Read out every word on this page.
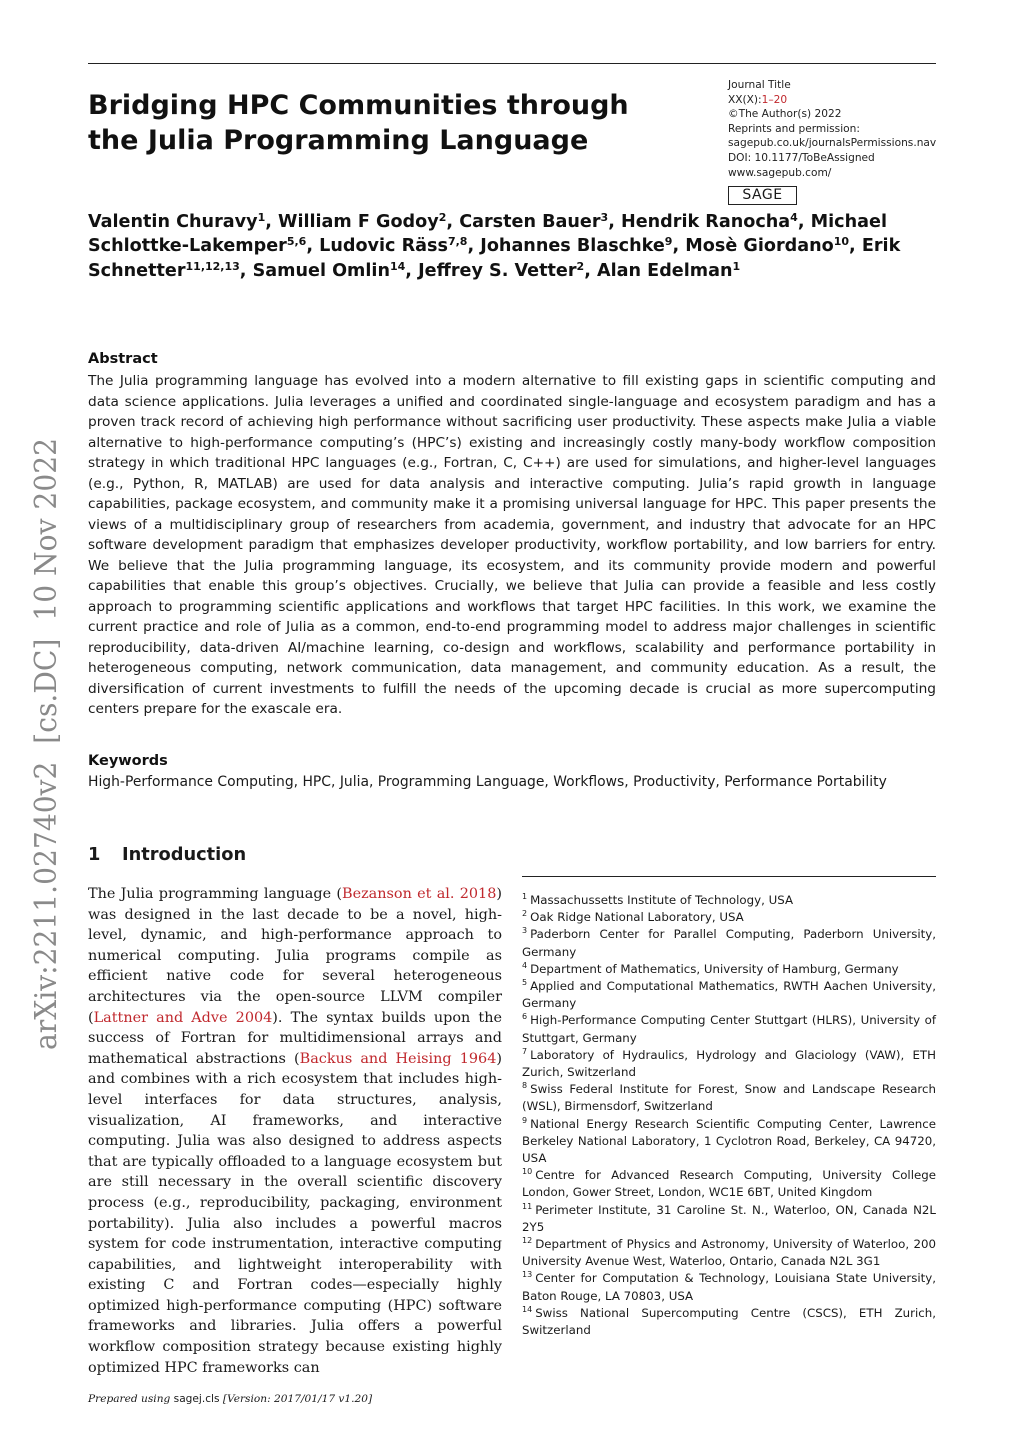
Bridging HPC Communities through
the Julia Programming Language
Journal Title
XX(X):1–20
©The Author(s) 2022
Reprints and permission:
sagepub.co.uk/journalsPermissions.nav
DOI: 10.1177/ToBeAssigned
www.sagepub.com/
SAGE
Valentin Churavy$^1$, William F Godoy$^2$, Carsten Bauer$^3$, Hendrik Ranocha$^4$, Michael Schlottke-Lakemper$^{5,6}$, Ludovic Räss$^{7,8}$, Johannes Blaschke$^9$, Mosè Giordano$^{10}$, Erik Schnetter$^{11,12,13}$, Samuel Omlin$^{14}$, Jeffrey S. Vetter$^2$, Alan Edelman$^1$
Abstract

The Julia programming language has evolved into a modern alternative to fill existing gaps in scientific computing and data science applications. Julia leverages a unified and coordinated single-language and ecosystem paradigm and has a proven track record of achieving high performance without sacrificing user productivity. These aspects make Julia a viable alternative to high-performance computing’s (HPC’s) existing and increasingly costly many-body workflow composition strategy in which traditional HPC languages (e.g., Fortran, C, C++) are used for simulations, and higher-level languages (e.g., Python, R, MATLAB) are used for data analysis and interactive computing. Julia’s rapid growth in language capabilities, package ecosystem, and community make it a promising universal language for HPC. This paper presents the views of a multidisciplinary group of researchers from academia, government, and industry that advocate for an HPC software development paradigm that emphasizes developer productivity, workflow portability, and low barriers for entry. We believe that the Julia programming language, its ecosystem, and its community provide modern and powerful capabilities that enable this group’s objectives. Crucially, we believe that Julia can provide a feasible and less costly approach to programming scientific applications and workflows that target HPC facilities. In this work, we examine the current practice and role of Julia as a common, end-to-end programming model to address major challenges in scientific reproducibility, data-driven AI/machine learning, co-design and workflows, scalability and performance portability in heterogeneous computing, network communication, data management, and community education. As a result, the diversification of current investments to fulfill the needs of the upcoming decade is crucial as more supercomputing centers prepare for the exascale era.

Keywords
High-Performance Computing, HPC, Julia, Programming Language, Workflows, Productivity, Performance Portability
1 Introduction

The Julia programming language (Bezanson et al. 2018) was designed in the last decade to be a novel, high-level, dynamic, and high-performance approach to numerical computing. Julia programs compile as efficient native code for several heterogeneous architectures via the open-source LLVM compiler (Lattner and Adve 2004). The syntax builds upon the success of Fortran for multidimensional arrays and mathematical abstractions (Backus and Heising 1964) and combines with a rich ecosystem that includes high-level interfaces for data structures, analysis, visualization, AI frameworks, and interactive computing. Julia was also designed to address aspects that are typically offloaded to a language ecosystem but are still necessary in the overall scientific discovery process (e.g., reproducibility, packaging, environment portability). Julia also includes a powerful macros system for code instrumentation, interactive computing capabilities, and lightweight interoperability with existing C and Fortran codes—especially highly optimized high-performance computing (HPC) software frameworks and libraries. Julia offers a powerful workflow composition strategy because existing highly optimized HPC frameworks can

$^1$ Massachussetts Institute of Technology, USA
$^2$ Oak Ridge National Laboratory, USA
$^3$ Paderborn Center for Parallel Computing, Paderborn University, Germany
$^4$ Department of Mathematics, University of Hamburg, Germany
$^5$ Applied and Computational Mathematics, RWTH Aachen University, Germany
$^6$ High-Performance Computing Center Stuttgart (HLRS), University of Stuttgart, Germany
$^7$ Laboratory of Hydraulics, Hydrology and Glaciology (VAW), ETH Zurich, Switzerland
$^8$ Swiss Federal Institute for Forest, Snow and Landscape Research (WSL), Birmensdorf, Switzerland
$^9$ National Energy Research Scientific Computing Center, Lawrence Berkeley National Laboratory, 1 Cyclotron Road, Berkeley, CA 94720, USA
$^{10}$ Centre for Advanced Research Computing, University College London, Gower Street, London, WC1E 6BT, United Kingdom
$^{11}$ Perimeter Institute, 31 Caroline St. N., Waterloo, ON, Canada N2L 2Y5
$^{12}$ Department of Physics and Astronomy, University of Waterloo, 200 University Avenue West, Waterloo, Ontario, Canada N2L 3G1
$^{13}$ Center for Computation & Technology, Louisiana State University, Baton Rouge, LA 70803, USA
$^{14}$ Swiss National Supercomputing Centre (CSCS), ETH Zurich, Switzerland
arXiv:2211.02740v2  [cs.DC]  10 Nov 2022
Prepared using sagej.cls [Version: 2017/01/17 v1.20]
